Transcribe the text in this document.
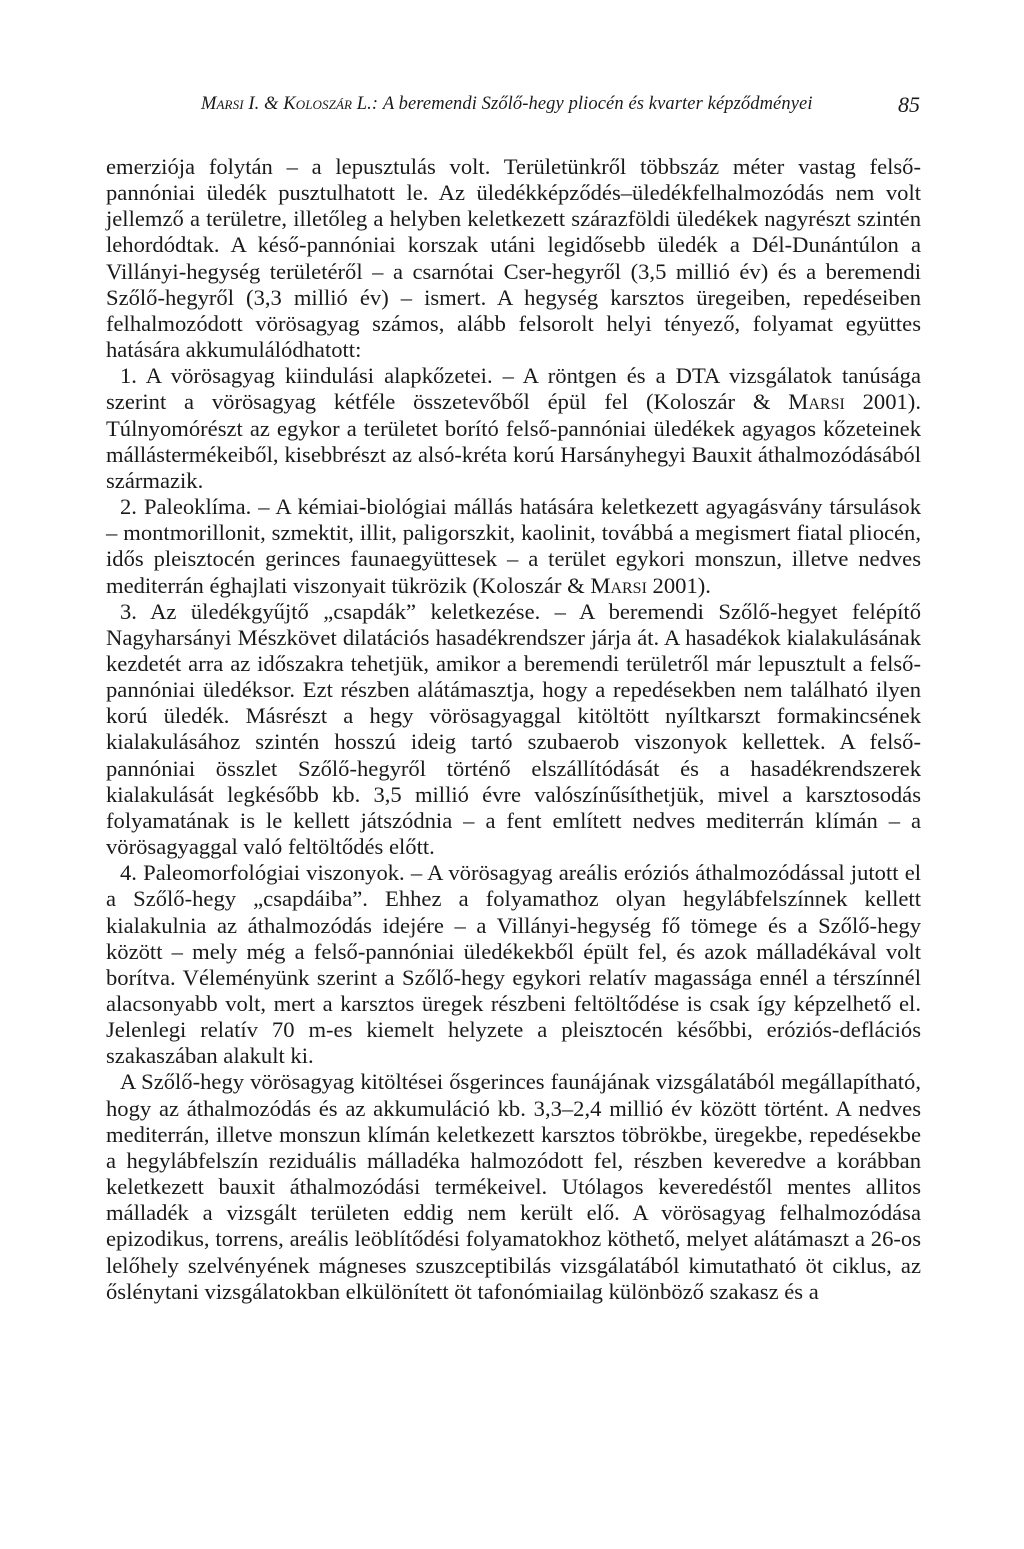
Marsi I. & Koloszár L.: A beremendi Szőlő-hegy pliocén és kvarter képződményei	85

emerziója folytán – a lepusztulás volt. Területünkről többszáz méter vastag felső-pannóniai üledék pusztulhatott le. Az üledékképződés–üledékfelhalmozódás nem volt jellemző a területre, illetőleg a helyben keletkezett szárazföldi üledékek nagyrészt szintén lehordódtak. A késő-pannóniai korszak utáni legidősebb üledék a Dél-Dunántúlon a Villányi-hegység területéről – a csarnótai Cser-hegyről (3,5 millió év) és a beremendi Szőlő-hegyről (3,3 millió év) – ismert. A hegység karsztos üregeiben, repedéseiben felhalmozódott vörösagyag számos, alább felsorolt helyi tényező, folyamat együttes hatására akkumulálódhatott:

1. A vörösagyag kiindulási alapkőzetei. – A röntgen és a DTA vizsgálatok tanúsága szerint a vörösagyag kétféle összetevőből épül fel (Koloszár & Marsi 2001). Túlnyomórészt az egykor a területet borító felső-pannóniai üledékek agyagos kőzeteinek mállástermékeiből, kisebbrészt az alsó-kréta korú Harsányhegyi Bauxit áthalmozódásából származik.

2. Paleoklíma. – A kémiai-biológiai mállás hatására keletkezett agyagásvány társulások – montmorillonit, szmektit, illit, paligorszkit, kaolinit, továbbá a megismert fiatal pliocén, idős pleisztocén gerinces faunaegyüttesek – a terület egykori monszun, illetve nedves mediterrán éghajlati viszonyait tükrözik (Koloszár & Marsi 2001).

3. Az üledékgyűjtő „csapdák” keletkezése. – A beremendi Szőlő-hegyet felépítő Nagyharsányi Mészkövet dilatációs hasadékrendszer járja át. A hasadékok kialakulásának kezdetét arra az időszakra tehetjük, amikor a beremendi területről már lepusztult a felső-pannóniai üledéksor. Ezt részben alátámasztja, hogy a repedésekben nem található ilyen korú üledék. Másrészt a hegy vörösagyaggal kitöltött nyíltkarszt formakincsének kialakulásához szintén hosszú ideig tartó szubaerob viszonyok kellettek. A felső-pannóniai összlet Szőlő-hegyről történő elszállítódását és a hasadékrendszerek kialakulását legkésőbb kb. 3,5 millió évre valószínűsíthetjük, mivel a karsztosodás folyamatának is le kellett játszódnia – a fent említett nedves mediterrán klímán – a vörösagyaggal való feltöltődés előtt.

4. Paleomorfológiai viszonyok. – A vörösagyag areális eróziós áthalmozódással jutott el a Szőlő-hegy „csapdáiba”. Ehhez a folyamathoz olyan hegylábfelszínnek kellett kialakulnia az áthalmozódás idejére – a Villányi-hegység fő tömege és a Szőlő-hegy között – mely még a felső-pannóniai üledékekből épült fel, és azok málladékával volt borítva. Véleményünk szerint a Szőlő-hegy egykori relatív magassága ennél a térszínnél alacsonyabb volt, mert a karsztos üregek részbeni feltöltődése is csak így képzelhető el. Jelenlegi relatív 70 m-es kiemelt helyzete a pleisztocén későbbi, eróziós-deflációs szakaszában alakult ki.

A Szőlő-hegy vörösagyag kitöltései ősgerinces faunájának vizsgálatából megállapítható, hogy az áthalmozódás és az akkumuláció kb. 3,3–2,4 millió év között történt. A nedves mediterrán, illetve monszun klímán keletkezett karsztos töbrökbe, üregekbe, repedésekbe a hegylábfelszín reziduális málladéka halmozódott fel, részben keveredve a korábban keletkezett bauxit áthalmozódási termékeivel. Utólagos keveredéstől mentes allitos málladék a vizsgált területen eddig nem került elő. A vörösagyag felhalmozódása epizodikus, torrens, areális leöblítődési folyamatokhoz köthető, melyet alátámaszt a 26-os lelőhely szelvényének mágneses szuszceptibilás vizsgálatából kimutatható öt ciklus, az őslénytani vizsgálatokban elkülönített öt tafonómiailag különböző szakasz és a
